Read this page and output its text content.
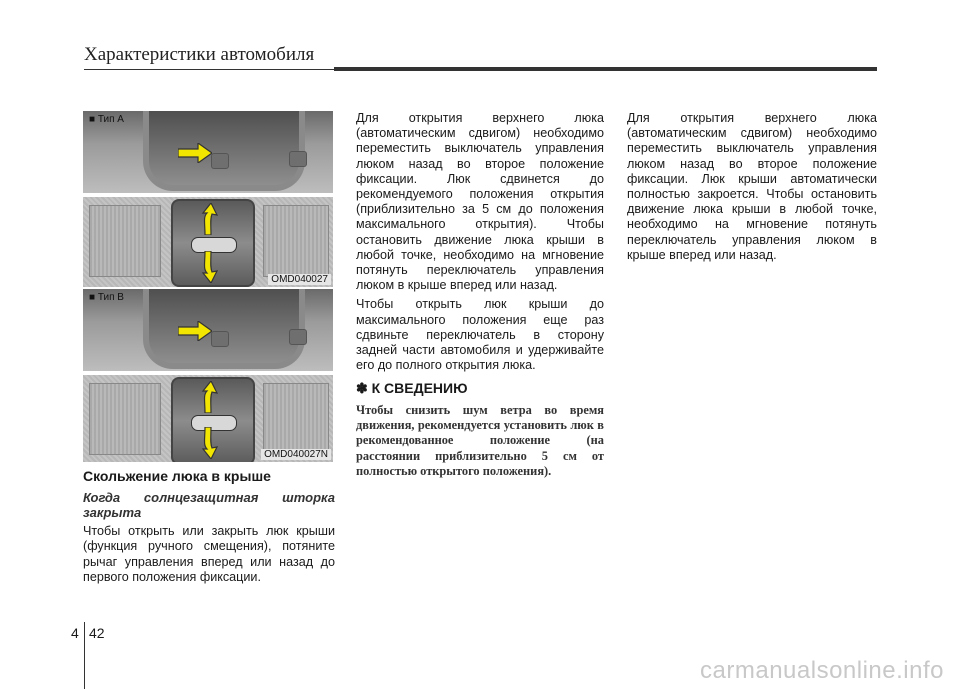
Характеристики автомобиля
■ Тип A
OMD040027
■ Тип B
OMD040027N
Скольжение люка в крыше
Когда солнцезащитная шторка закрыта

Чтобы открыть или закрыть люк крыши (функция ручного смещения), потяните рычаг управления вперед или назад до первого положения фиксации.

Для открытия верхнего люка (автоматическим сдвигом) необходимо переместить выключатель управления люком назад во второе положение фиксации. Люк сдвинется до рекомендуемого положения открытия (приблизительно за 5 см до положения максимального открытия). Чтобы остановить движение люка крыши в любой точке, необходимо на мгновение потянуть переключатель управления люком в крыше вперед или назад.

Чтобы открыть люк крыши до максимального положения еще раз сдвиньте переключатель в сторону задней части автомобиля и удерживайте его до полного открытия люка.

✽ К СВЕДЕНИЮ
Чтобы снизить шум ветра во время движения, рекомендуется установить люк в рекомендованное положение (на расстоянии приблизительно 5 см от полностью открытого положения).

Для открытия верхнего люка (автоматическим сдвигом) необходимо переместить выключатель управления люком назад во второе положение фиксации. Люк крыши автоматически полностью закроется. Чтобы остановить движение люка крыши в любой точке, необходимо на мгновение потянуть переключатель управления люком в крыше вперед или назад.

4 42
carmanualsonline.info
